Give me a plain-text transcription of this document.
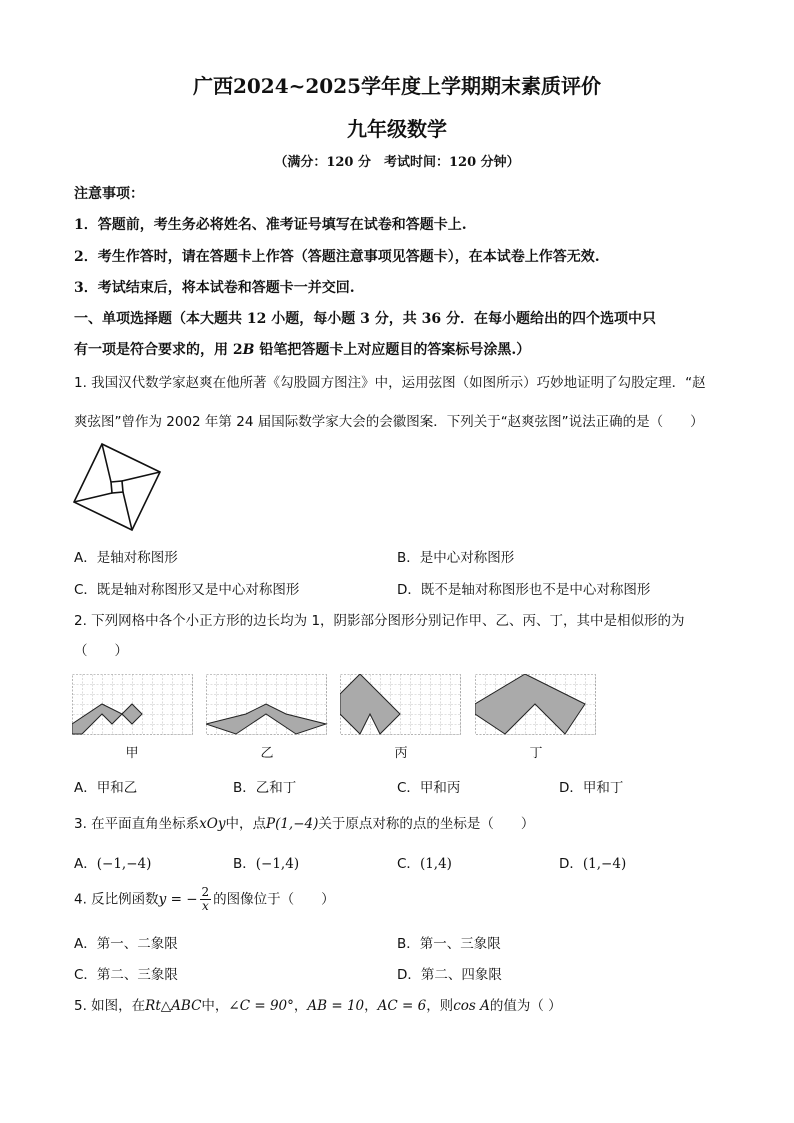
广西2024~2025学年度上学期期末素质评价
九年级数学
（满分：120 分　考试时间：120 分钟）
注意事项：
1．答题前，考生务必将姓名、准考证号填写在试卷和答题卡上.
2．考生作答时，请在答题卡上作答（答题注意事项见答题卡），在本试卷上作答无效.
3．考试结束后，将本试卷和答题卡一并交回.
一、单项选择题（本大题共 12 小题，每小题 3 分，共 36 分．在每小题给出的四个选项中只
有一项是符合要求的，用 2B 铅笔把答题卡上对应题目的答案标号涂黑.）
1. 我国汉代数学家赵爽在他所著《勾股圆方图注》中，运用弦图（如图所示）巧妙地证明了勾股定理．“赵
爽弦图”曾作为 2002 年第 24 届国际数学家大会的会徽图案．下列关于“赵爽弦图”说法正确的是（　　）
A．是轴对称图形	B．是中心对称图形
C．既是轴对称图形又是中心对称图形	D．既不是轴对称图形也不是中心对称图形
2. 下列网格中各个小正方形的边长均为 1，阴影部分图形分别记作甲、乙、丙、丁，其中是相似形的为
（　　）
甲	乙	丙	丁
A．甲和乙	B．乙和丁	C．甲和丙	D．甲和丁
3. 在平面直角坐标系xOy中，点P(1,−4)关于原点对称的点的坐标是（　　）
A．(−1,−4)	B．(−1,4)	C．(1,4)	D．(1,−4)
4. 反比例函数y = − $\frac{2}{x}$ 的图像位于（　　）
A．第一、二象限	B．第一、三象限
C．第二、三象限	D．第二、四象限
5. 如图，在Rt△ABC中，∠C = 90°，AB = 10，AC = 6，则cos A的值为（ ）
